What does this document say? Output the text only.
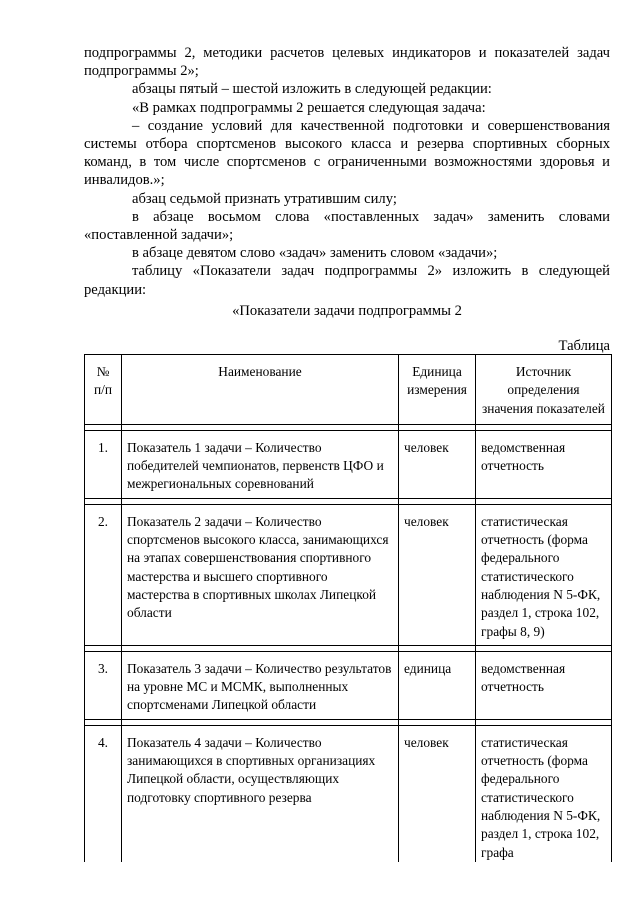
подпрограммы 2, методики расчетов целевых индикаторов и показателей задач подпрограммы 2»;

абзацы пятый – шестой изложить в следующей редакции:

«В рамках подпрограммы 2 решается следующая задача:

– создание условий для качественной подготовки и совершенствования системы отбора спортсменов высокого класса и резерва спортивных сборных команд, в том числе спортсменов с ограниченными возможностями здоровья и инвалидов.»;

абзац седьмой признать утратившим силу;

в абзаце восьмом слова «поставленных задач» заменить словами «поставленной задачи»;

в абзаце девятом слово «задач» заменить словом «задачи»;

таблицу «Показатели задач подпрограммы 2» изложить в следующей редакции:

«Показатели задачи подпрограммы 2

Таблица

№ п/п	Наименование	Единица измерения	Источник определения значения показателей

1.	Показатель 1 задачи – Количество победителей чемпионатов, первенств ЦФО и межрегиональных соревнований	человек	ведомственная отчетность

2.	Показатель 2 задачи – Количество спортсменов высокого класса, занимающихся на этапах совершенствования спортивного мастерства и высшего спортивного мастерства в спортивных школах Липецкой области	человек	статистическая отчетность (форма федерального статистического наблюдения N 5-ФК, раздел 1, строка 102, графы 8, 9)

3.	Показатель 3 задачи – Количество результатов на уровне МС и МСМК, выполненных спортсменами Липецкой области	единица	ведомственная отчетность

4.	Показатель 4 задачи – Количество занимающихся в спортивных организациях Липецкой области, осуществляющих подготовку спортивного резерва	человек	статистическая отчетность (форма федерального статистического наблюдения N 5-ФК, раздел 1, строка 102, графа
